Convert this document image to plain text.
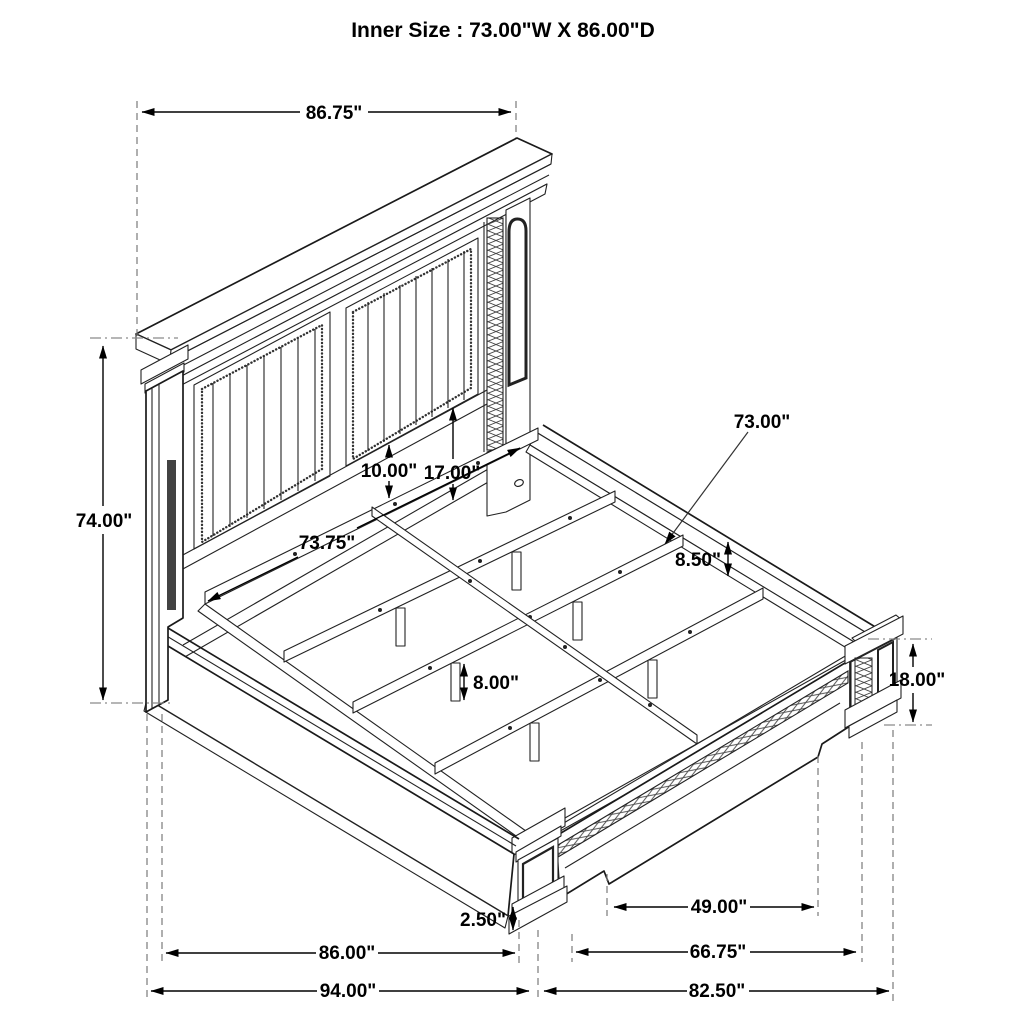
Inner Size : 73.00"W X 86.00"D
86.75"
74.00"
73.75"
10.00" 17.00"
73.00"
8.50"
8.00"	18.00"
2.50"
49.00"
86.00"	66.75"
94.00"	82.50"
